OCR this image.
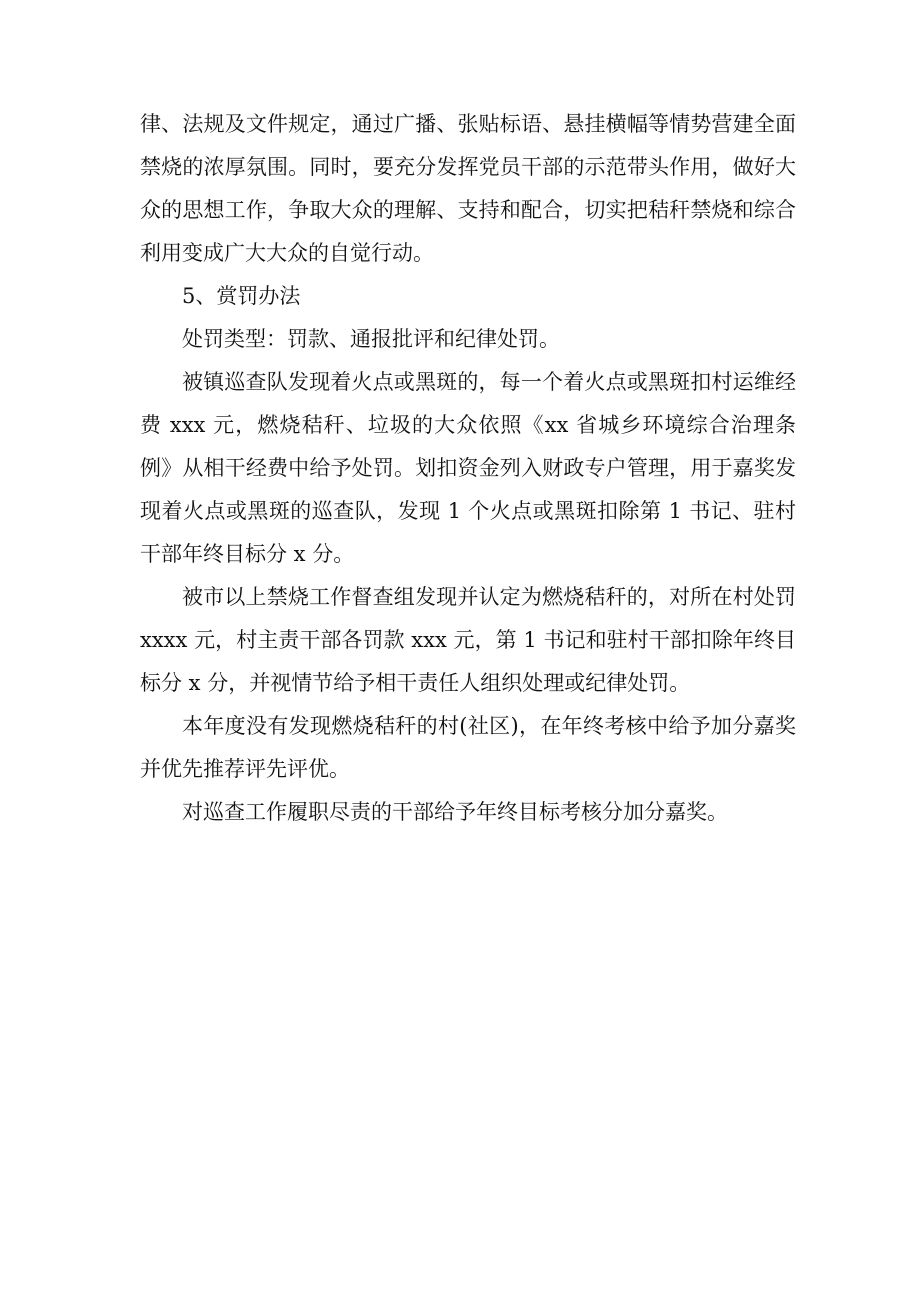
律、法规及文件规定，通过广播、张贴标语、悬挂横幅等情势营建全面禁烧的浓厚氛围。同时，要充分发挥党员干部的示范带头作用，做好大众的思想工作，争取大众的理解、支持和配合，切实把秸秆禁烧和综合利用变成广大大众的自觉行动。

5、赏罚办法

处罚类型：罚款、通报批评和纪律处罚。

被镇巡查队发现着火点或黑斑的，每一个着火点或黑斑扣村运维经费 xxx 元，燃烧秸秆、垃圾的大众依照《xx 省城乡环境综合治理条例》从相干经费中给予处罚。划扣资金列入财政专户管理，用于嘉奖发现着火点或黑斑的巡查队，发现 1 个火点或黑斑扣除第 1 书记、驻村干部年终目标分 x 分。

被市以上禁烧工作督查组发现并认定为燃烧秸秆的，对所在村处罚 xxxx 元，村主责干部各罚款 xxx 元，第 1 书记和驻村干部扣除年终目标分 x 分，并视情节给予相干责任人组织处理或纪律处罚。

本年度没有发现燃烧秸秆的村(社区)，在年终考核中给予加分嘉奖并优先推荐评先评优。

对巡查工作履职尽责的干部给予年终目标考核分加分嘉奖。
